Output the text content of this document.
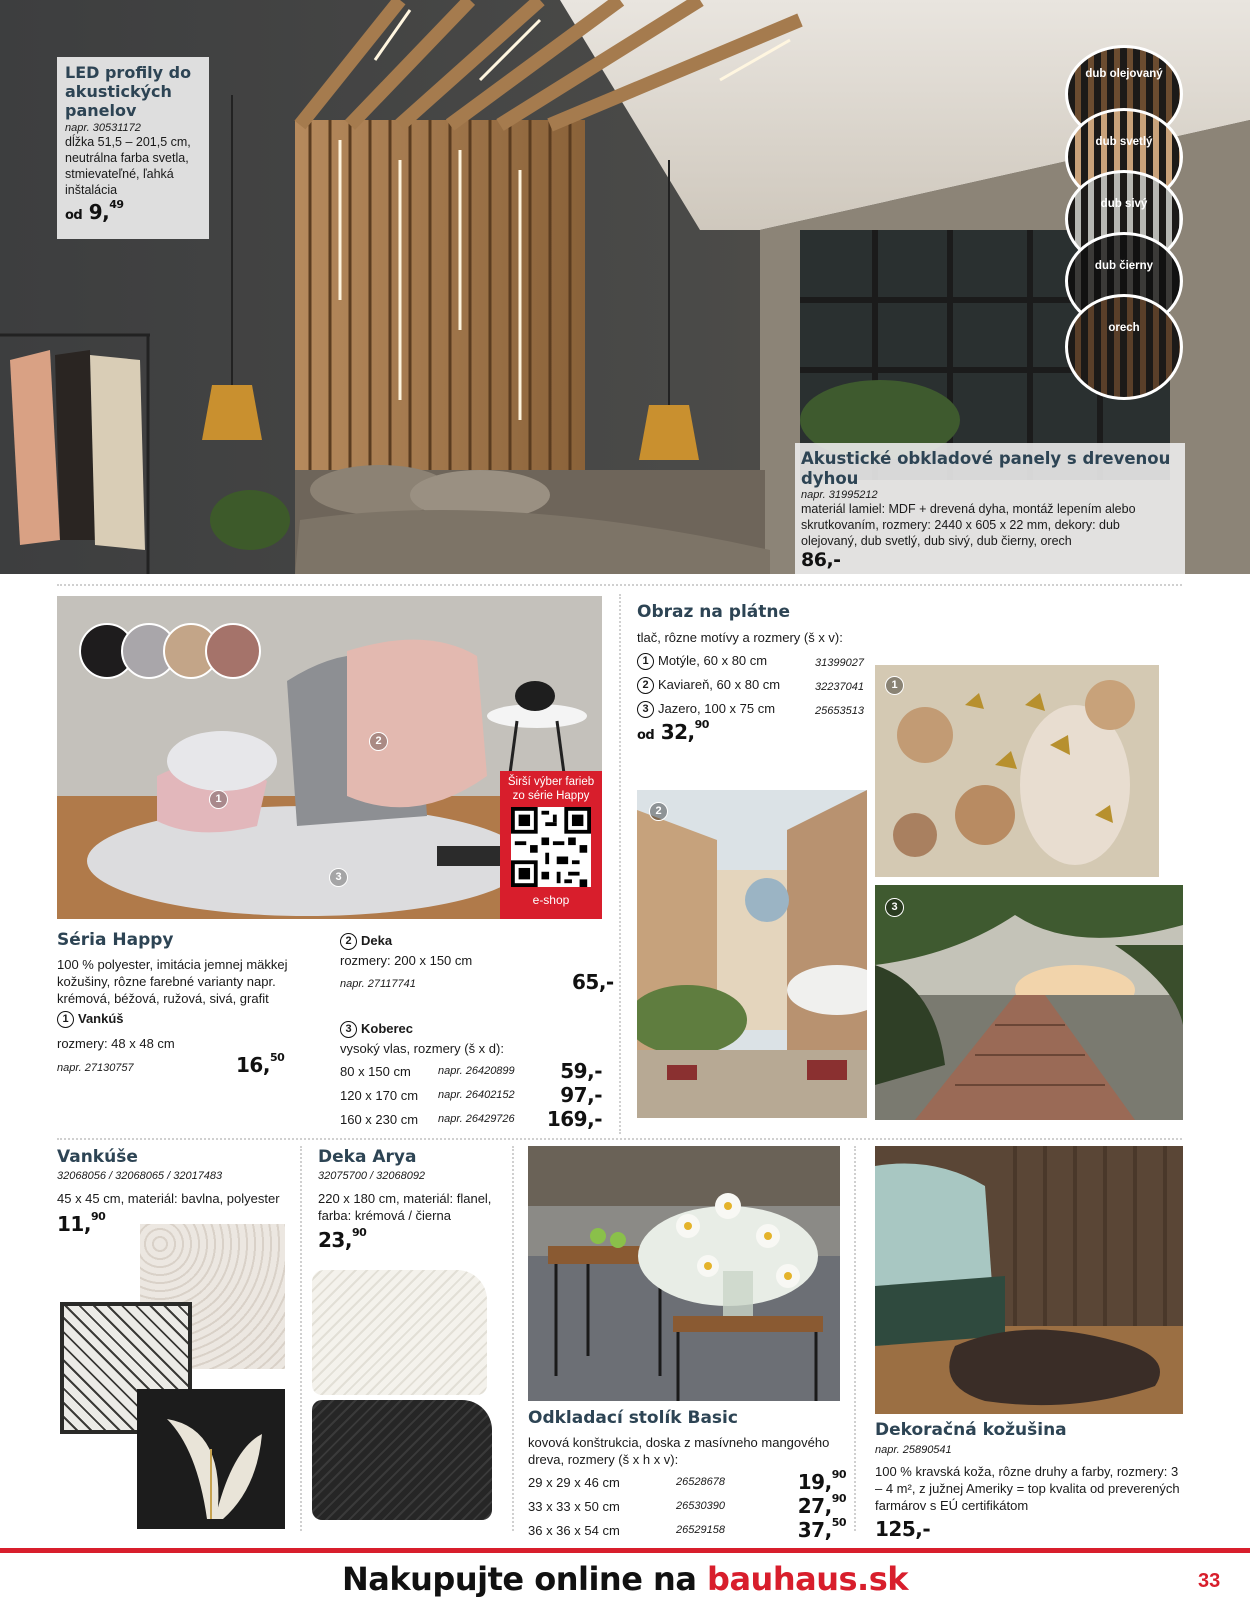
LED profily do akustických panelov
napr. 30531172
dĺžka 51,5 – 201,5 cm, neutrálna farba svetla, stmievateľné, ľahká inštalácia
od 9,49
dub olejovaný
dub svetlý
dub sivý
dub čierny
orech
Akustické obkladové panely s drevenou dyhou
napr. 31995212
materiál lamiel: MDF + drevená dyha, montáž lepením alebo skrutkovaním, rozmery: 2440 x 605 x 22 mm, dekory: dub olejovaný, dub svetlý, dub sivý, dub čierny, orech
86,-
1
2
3
Širší výber farieb zo série Happy
e-shop
Séria Happy
100 % polyester, imitácia jemnej mäkkej kožušiny, rôzne farebné varianty napr. krémová, béžová, ružová, sivá, grafit
1 Vankúš
rozmery: 48 x 48 cm
napr. 27130757	16,50
2 Deka
rozmery: 200 x 150 cm
napr. 27117741	65,-
3 Koberec
vysoký vlas, rozmery (š x d):
80 x 150 cm napr. 26420899 59,-
120 x 170 cm napr. 26402152 97,-
160 x 230 cm napr. 26429726 169,-
Obraz na plátne
tlač, rôzne motívy a rozmery (š x v):
1 Motýle, 60 x 80 cm	31399027
2 Kaviareň, 60 x 80 cm	32237041
3 Jazero, 100 x 75 cm	25653513
od 32,90
1
2
3
Vankúše
32068056 / 32068065 / 32017483
45 x 45 cm, materiál: bavlna, polyester
11,90
Deka Arya
32075700 / 32068092
220 x 180 cm, materiál: flanel, farba: krémová / čierna
23,90
Odkladací stolík Basic
kovová konštrukcia, doska z masívneho mangového dreva, rozmery (š x h x v):
29 x 29 x 46 cm	26528678	19,90
33 x 33 x 50 cm	26530390	27,90
36 x 36 x 54 cm	26529158	37,50
Dekoračná kožušina
napr. 25890541
100 % kravská koža, rôzne druhy a farby, rozmery: 3 – 4 m², z južnej Ameriky = top kvalita od preverených farmárov s EÚ certifikátom
125,-
Nakupujte online na bauhaus.sk	33
